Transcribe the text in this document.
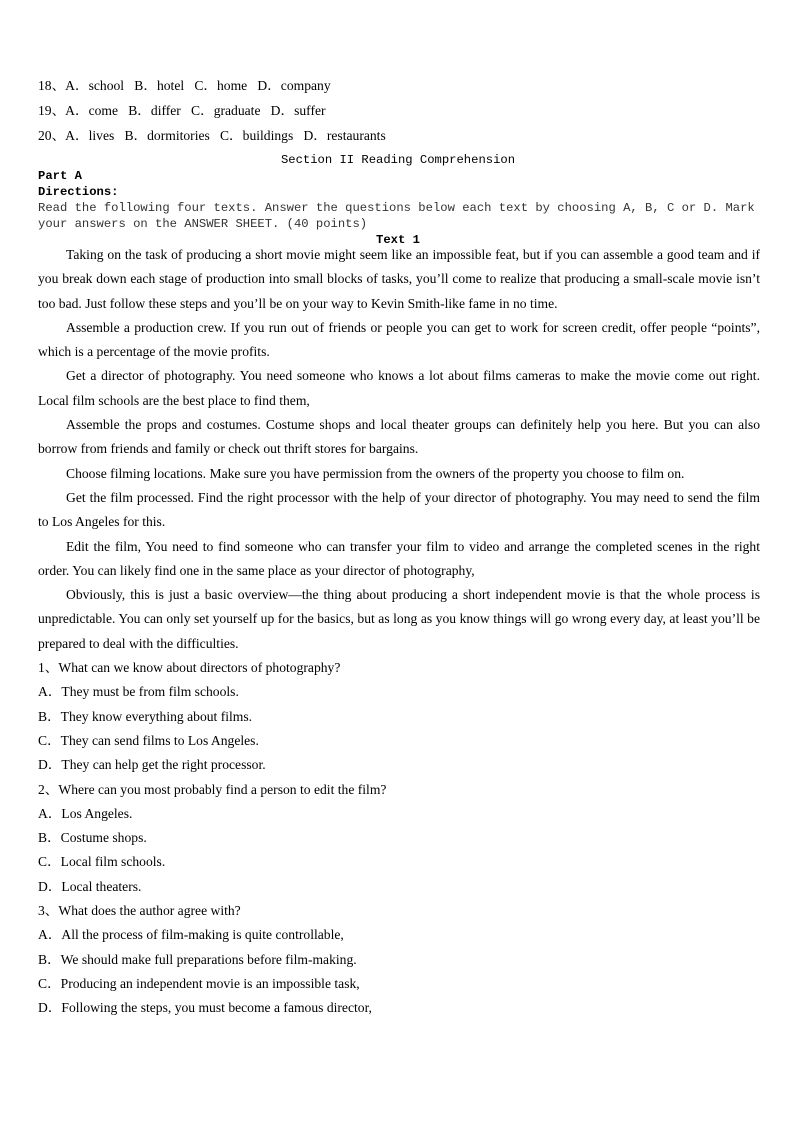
18、A．school   B．hotel   C．home   D．company
19、A．come   B．differ   C．graduate   D．suffer
20、A．lives   B．dormitories   C．buildings   D．restaurants
Section II Reading Comprehension
Part A
Directions:
Read the following four texts. Answer the questions below each text by choosing A, B, C or D. Mark your answers on the ANSWER SHEET. (40 points)
Text 1

Taking on the task of producing a short movie might seem like an impossible feat, but if you can assemble a good team and if you break down each stage of production into small blocks of tasks, you’ll come to realize that producing a small-scale movie isn’t too bad. Just follow these steps and you’ll be on your way to Kevin Smith-like fame in no time.

Assemble a production crew. If you run out of friends or people you can get to work for screen credit, offer people “points”, which is a percentage of the movie profits.

Get a director of photography. You need someone who knows a lot about films cameras to make the movie come out right. Local film schools are the best place to find them,

Assemble the props and costumes. Costume shops and local theater groups can definitely help you here. But you can also borrow from friends and family or check out thrift stores for bargains.

Choose filming locations. Make sure you have permission from the owners of the property you choose to film on.

Get the film processed. Find the right processor with the help of your director of photography. You may need to send the film to Los Angeles for this.

Edit the film, You need to find someone who can transfer your film to video and arrange the completed scenes in the right order. You can likely find one in the same place as your director of photography,

Obviously, this is just a basic overview—the thing about producing a short independent movie is that the whole process is unpredictable. You can only set yourself up for the basics, but as long as you know things will go wrong every day, at least you’ll be prepared to deal with the difficulties.

1、What can we know about directors of photography?

A．They must be from film schools.

B．They know everything about films.

C．They can send films to Los Angeles.

D．They can help get the right processor.

2、Where can you most probably find a person to edit the film?

A．Los Angeles.

B．Costume shops.

C．Local film schools.

D．Local theaters.

3、What does the author agree with?

A．All the process of film-making is quite controllable,

B．We should make full preparations before film-making.

C．Producing an independent movie is an impossible task,

D．Following the steps, you must become a famous director,
